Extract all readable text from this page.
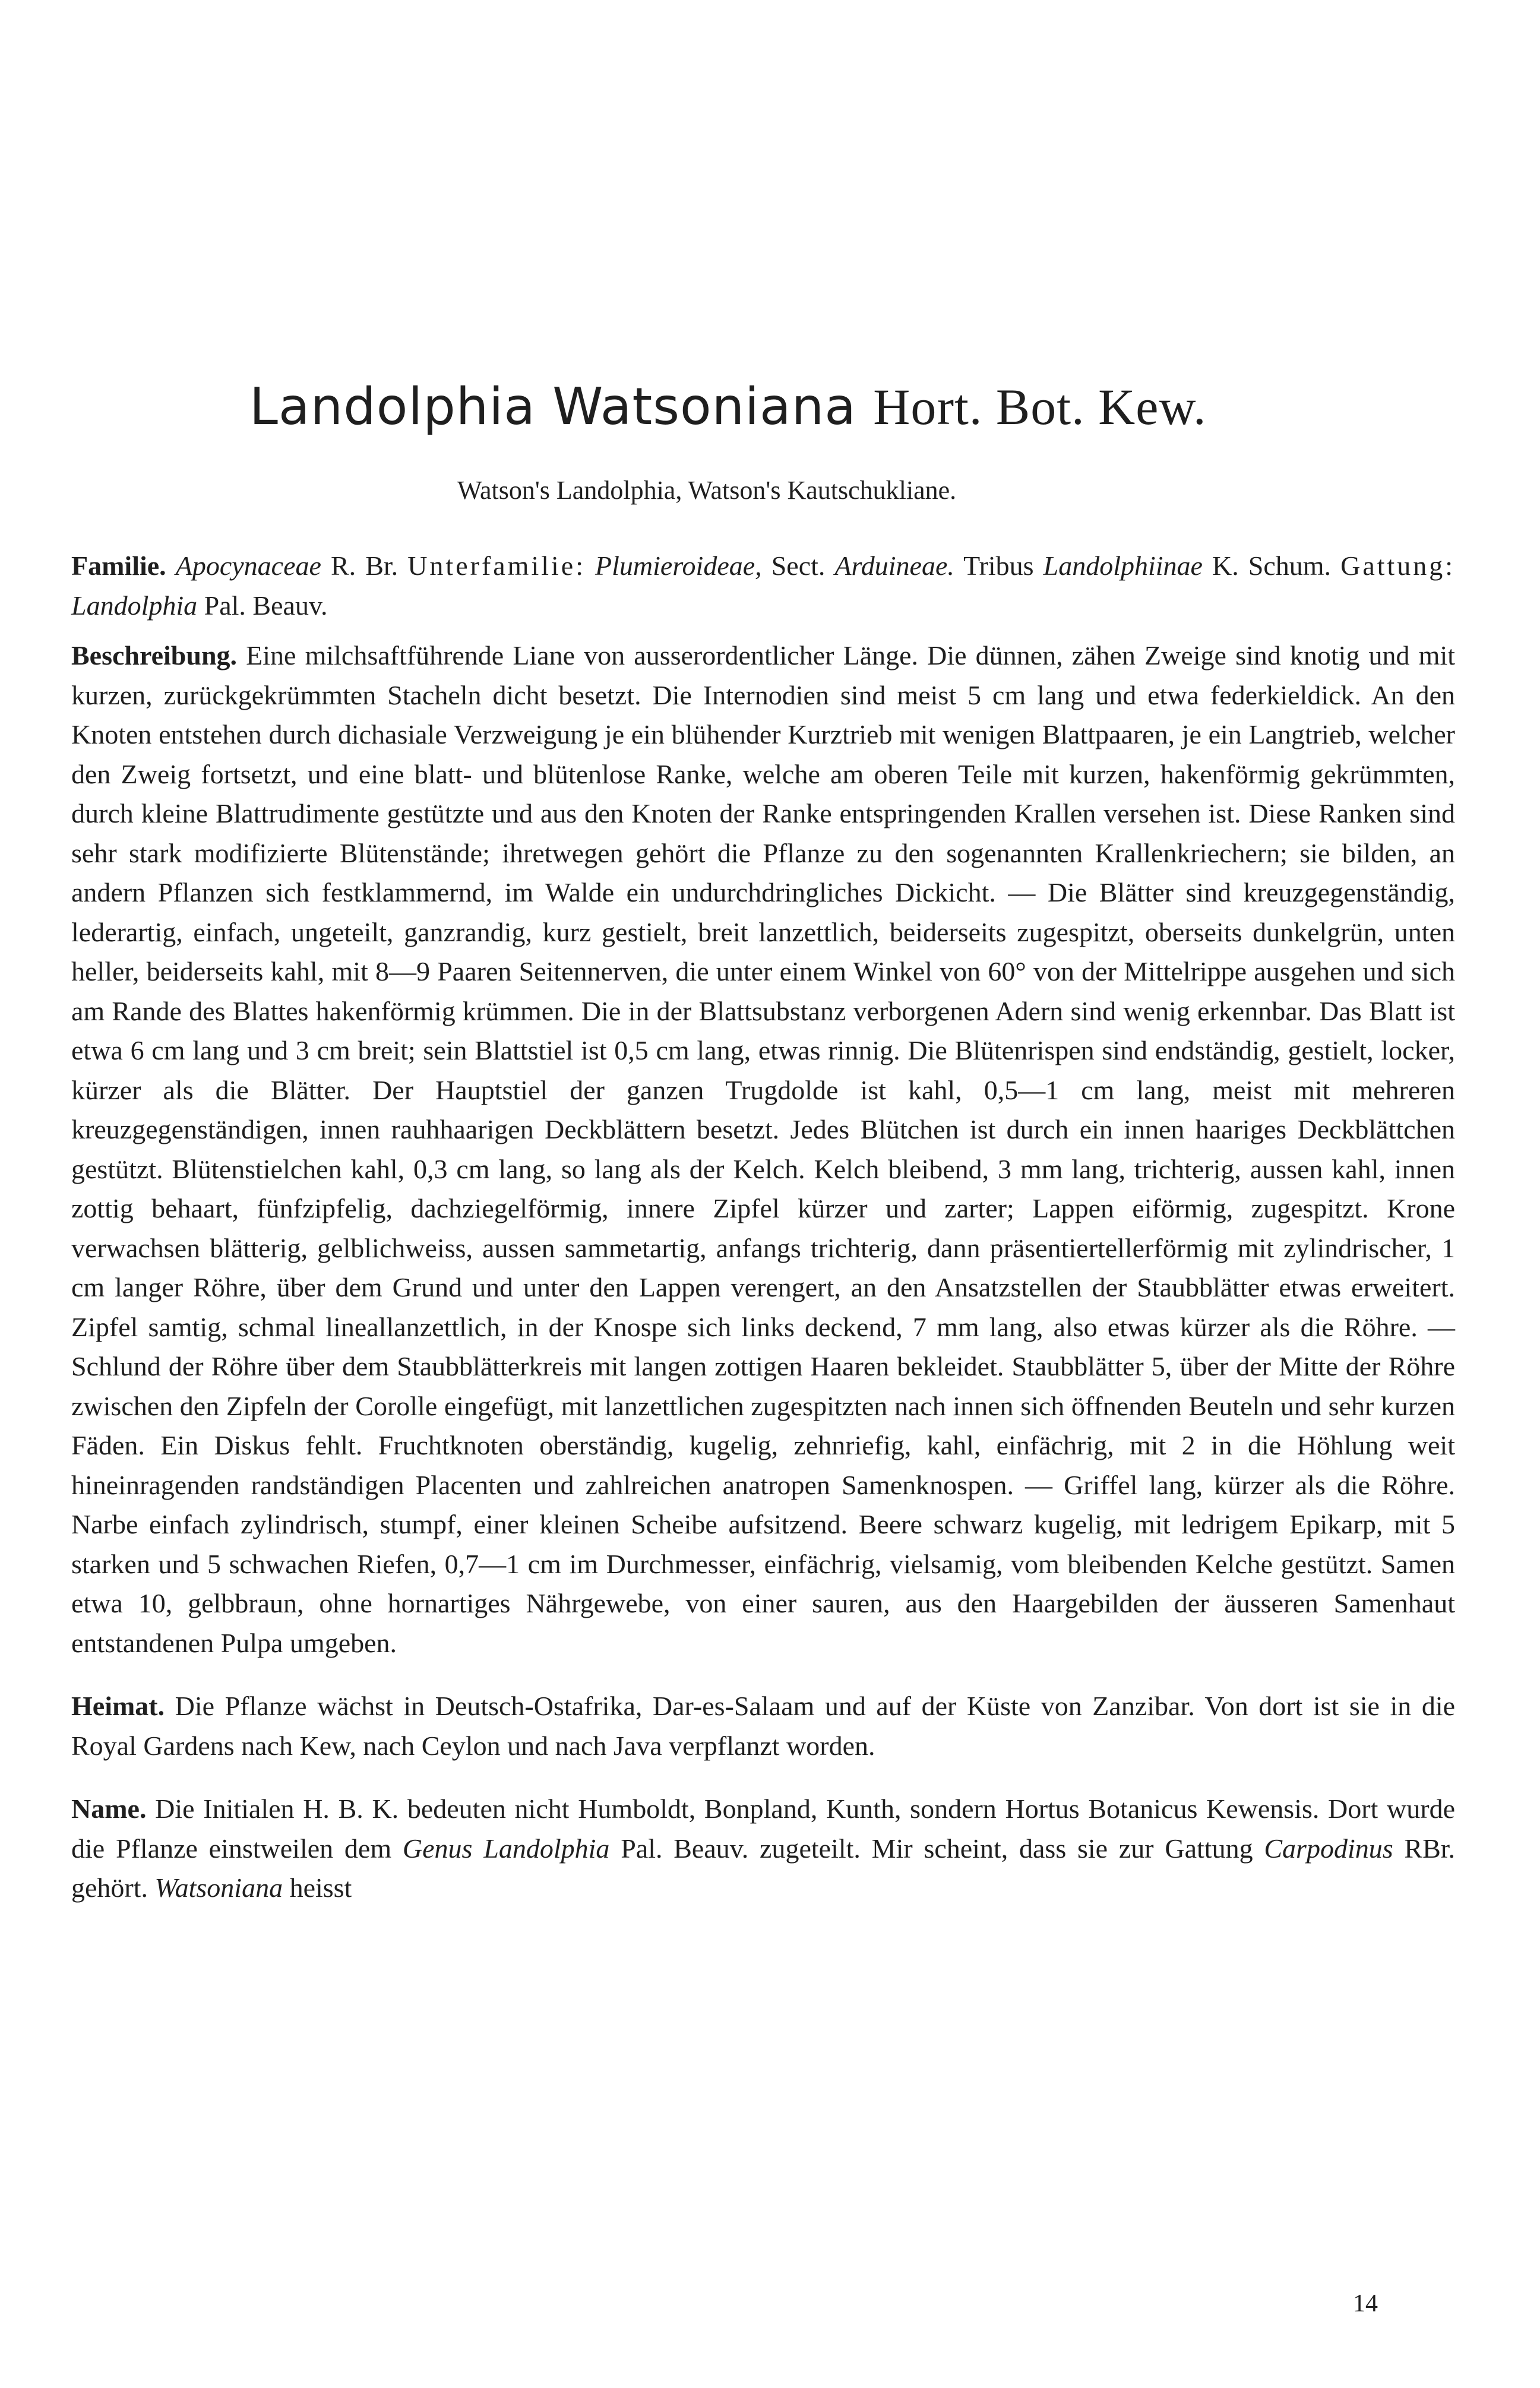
Landolphia Watsoniana Hort. Bot. Kew.
Watson's Landolphia, Watson's Kautschukliane.

Familie. Apocynaceae R. Br. Unterfamilie: Plumieroideae, Sect. Arduineae. Tribus Landolphiinae K. Schum. Gattung: Landolphia Pal. Beauv.

Beschreibung. Eine milchsaftführende Liane von ausserordentlicher Länge. Die dünnen, zähen Zweige sind knotig und mit kurzen, zurückgekrümmten Stacheln dicht besetzt. Die Internodien sind meist 5 cm lang und etwa federkieldick. An den Knoten entstehen durch dichasiale Verzweigung je ein blühender Kurztrieb mit wenigen Blattpaaren, je ein Langtrieb, welcher den Zweig fortsetzt, und eine blatt- und blütenlose Ranke, welche am oberen Teile mit kurzen, hakenförmig gekrümmten, durch kleine Blattrudimente gestützte und aus den Knoten der Ranke entspringenden Krallen versehen ist. Diese Ranken sind sehr stark modifizierte Blütenstände; ihretwegen gehört die Pflanze zu den sogenannten Krallenkriechern; sie bilden, an andern Pflanzen sich festklammernd, im Walde ein undurchdringliches Dickicht. — Die Blätter sind kreuzgegenständig, lederartig, einfach, ungeteilt, ganzrandig, kurz gestielt, breit lanzettlich, beiderseits zugespitzt, oberseits dunkelgrün, unten heller, beiderseits kahl, mit 8—9 Paaren Seitennerven, die unter einem Winkel von 60° von der Mittelrippe ausgehen und sich am Rande des Blattes hakenförmig krümmen. Die in der Blattsubstanz verborgenen Adern sind wenig erkennbar. Das Blatt ist etwa 6 cm lang und 3 cm breit; sein Blattstiel ist 0,5 cm lang, etwas rinnig. Die Blütenrispen sind endständig, gestielt, locker, kürzer als die Blätter. Der Hauptstiel der ganzen Trugdolde ist kahl, 0,5—1 cm lang, meist mit mehreren kreuzgegenständigen, innen rauhhaarigen Deckblättern besetzt. Jedes Blütchen ist durch ein innen haariges Deckblättchen gestützt. Blütenstielchen kahl, 0,3 cm lang, so lang als der Kelch. Kelch bleibend, 3 mm lang, trichterig, aussen kahl, innen zottig behaart, fünfzipfelig, dachziegelförmig, innere Zipfel kürzer und zarter; Lappen eiförmig, zugespitzt. Krone verwachsen blätterig, gelblichweiss, aussen sammetartig, anfangs trichterig, dann präsentiertellerförmig mit zylindrischer, 1 cm langer Röhre, über dem Grund und unter den Lappen verengert, an den Ansatzstellen der Staubblätter etwas erweitert. Zipfel samtig, schmal lineallanzettlich, in der Knospe sich links deckend, 7 mm lang, also etwas kürzer als die Röhre. — Schlund der Röhre über dem Staubblätterkreis mit langen zottigen Haaren bekleidet. Staubblätter 5, über der Mitte der Röhre zwischen den Zipfeln der Corolle eingefügt, mit lanzettlichen zugespitzten nach innen sich öffnenden Beuteln und sehr kurzen Fäden. Ein Diskus fehlt. Fruchtknoten oberständig, kugelig, zehnriefig, kahl, einfächrig, mit 2 in die Höhlung weit hineinragenden randständigen Placenten und zahlreichen anatropen Samenknospen. — Griffel lang, kürzer als die Röhre. Narbe einfach zylindrisch, stumpf, einer kleinen Scheibe aufsitzend. Beere schwarz kugelig, mit ledrigem Epikarp, mit 5 starken und 5 schwachen Riefen, 0,7—1 cm im Durchmesser, einfächrig, vielsamig, vom bleibenden Kelche gestützt. Samen etwa 10, gelbbraun, ohne hornartiges Nährgewebe, von einer sauren, aus den Haargebilden der äusseren Samenhaut entstandenen Pulpa umgeben.

Heimat. Die Pflanze wächst in Deutsch-Ostafrika, Dar-es-Salaam und auf der Küste von Zanzibar. Von dort ist sie in die Royal Gardens nach Kew, nach Ceylon und nach Java verpflanzt worden.

Name. Die Initialen H. B. K. bedeuten nicht Humboldt, Bonpland, Kunth, sondern Hortus Botanicus Kewensis. Dort wurde die Pflanze einstweilen dem Genus Landolphia Pal. Beauv. zugeteilt. Mir scheint, dass sie zur Gattung Carpodinus RBr. gehört. Watsoniana heisst

14
